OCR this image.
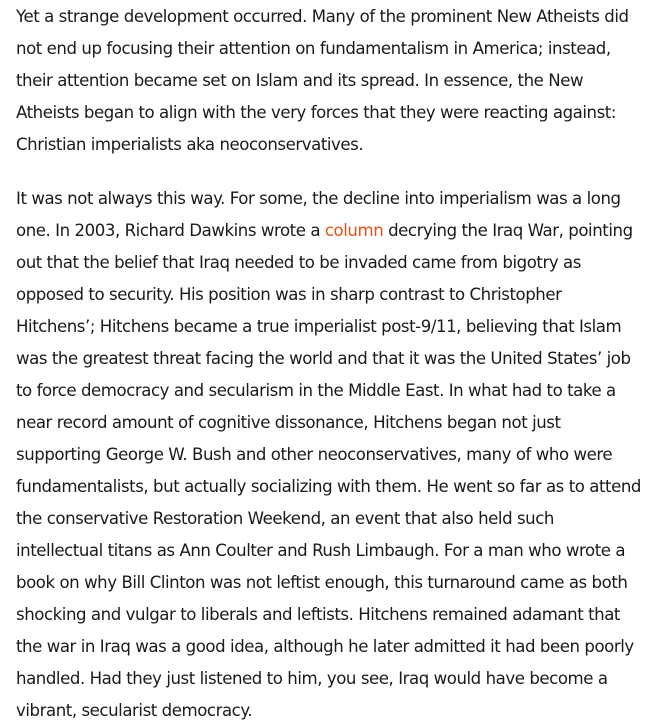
Yet a strange development occurred. Many of the prominent New Atheists did not end up focusing their attention on fundamentalism in America; instead, their attention became set on Islam and its spread. In essence, the New Atheists began to align with the very forces that they were reacting against: Christian imperialists aka neoconservatives.

It was not always this way. For some, the decline into imperialism was a long one. In 2003, Richard Dawkins wrote a column decrying the Iraq War, pointing out that the belief that Iraq needed to be invaded came from bigotry as opposed to security. His position was in sharp contrast to Christopher Hitchens’; Hitchens became a true imperialist post-9/11, believing that Islam was the greatest threat facing the world and that it was the United States’ job to force democracy and secularism in the Middle East. In what had to take a near record amount of cognitive dissonance, Hitchens began not just supporting George W. Bush and other neoconservatives, many of who were fundamentalists, but actually socializing with them. He went so far as to attend the conservative Restoration Weekend, an event that also held such intellectual titans as Ann Coulter and Rush Limbaugh. For a man who wrote a book on why Bill Clinton was not leftist enough, this turnaround came as both shocking and vulgar to liberals and leftists. Hitchens remained adamant that the war in Iraq was a good idea, although he later admitted it had been poorly handled. Had they just listened to him, you see, Iraq would have become a vibrant, secularist democracy.
